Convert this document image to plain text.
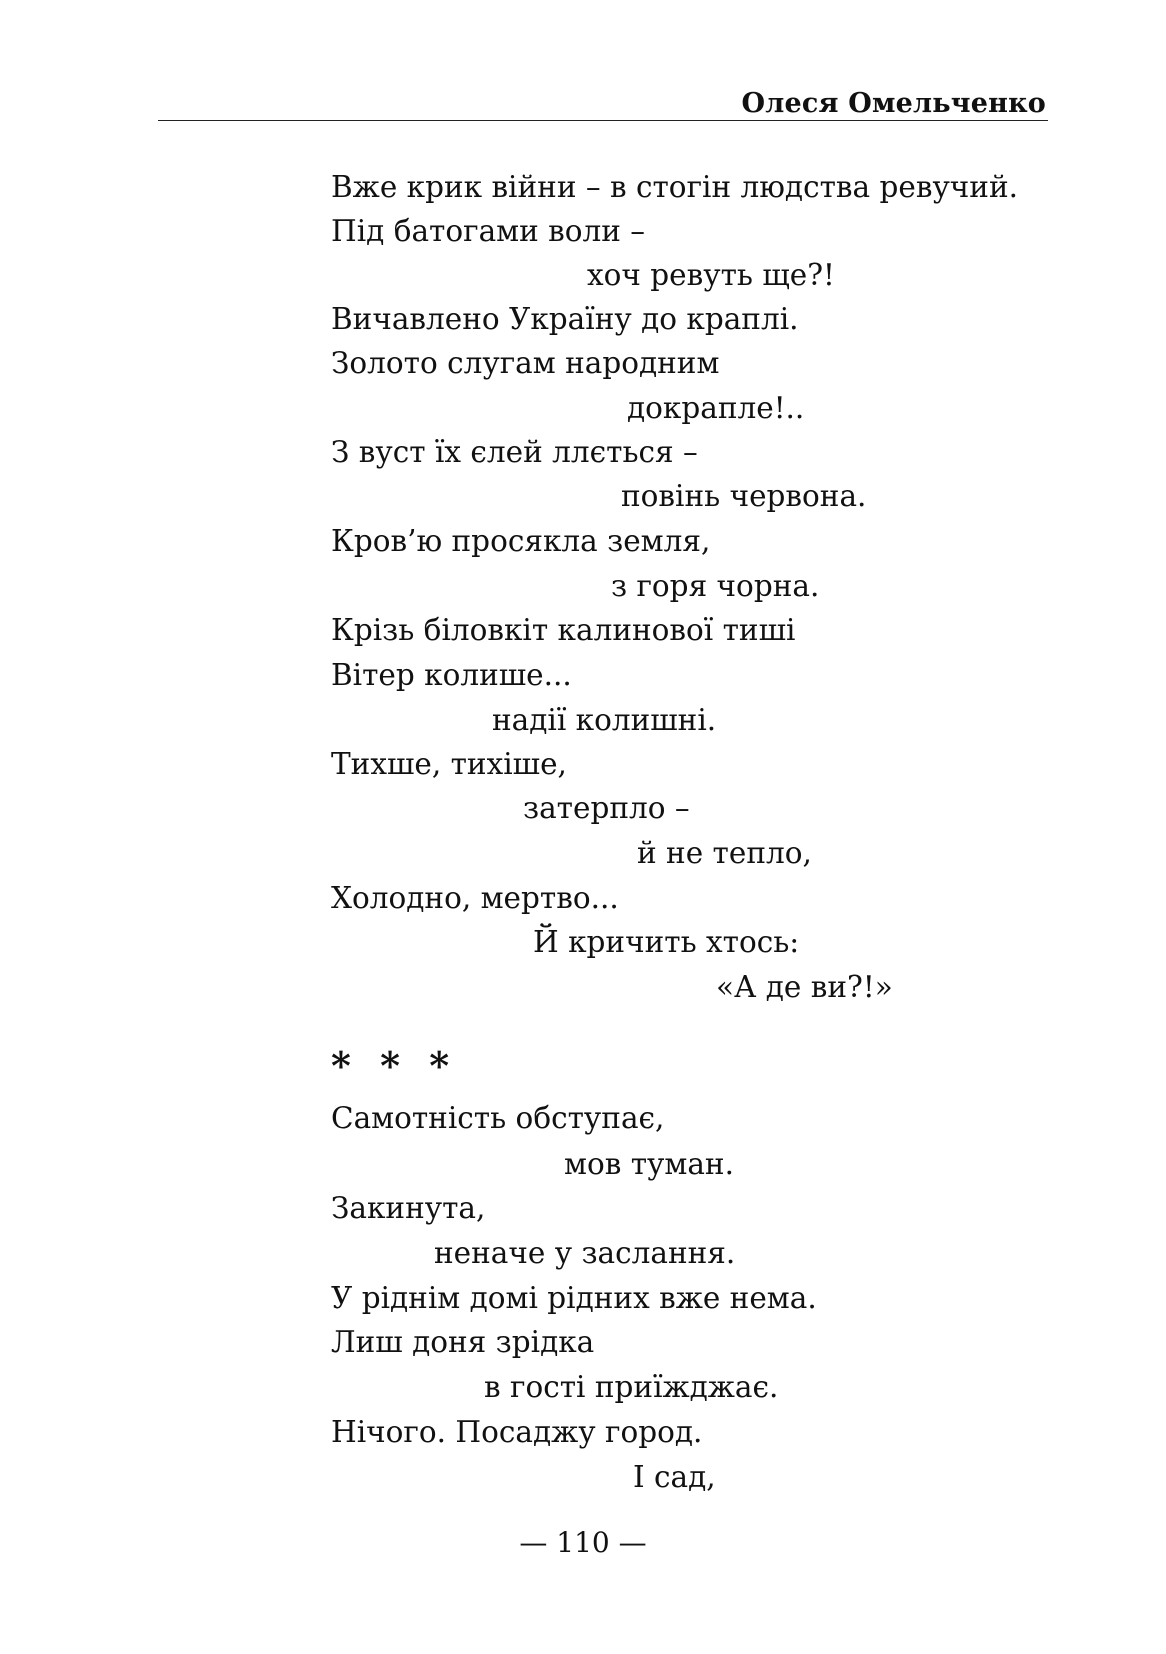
Олеся Омельченко
Вже крик війни – в стогін людства ревучий.
Під батогами воли –
хоч ревуть ще?!
Вичавлено Україну до краплі.
Золото слугам народним
докрапле!..
З вуст їх єлей ллється –
повінь червона.
Кров’ю просякла земля,
з горя чорна.
Крізь біловкіт калинової тиші
Вітер колише...
надії колишні.
Тихше, тихіше,
затерпло –
й не тепло,
Холодно, мертво...
Й кричить хтось:
«А де ви?!»
* * *
Самотність обступає,
мов туман.
Закинута,
неначе у заслання.
У ріднім домі рідних вже нема.
Лиш доня зрідка
в гості приїжджає.
Нічого. Посаджу город.
І сад,
— 110 —
